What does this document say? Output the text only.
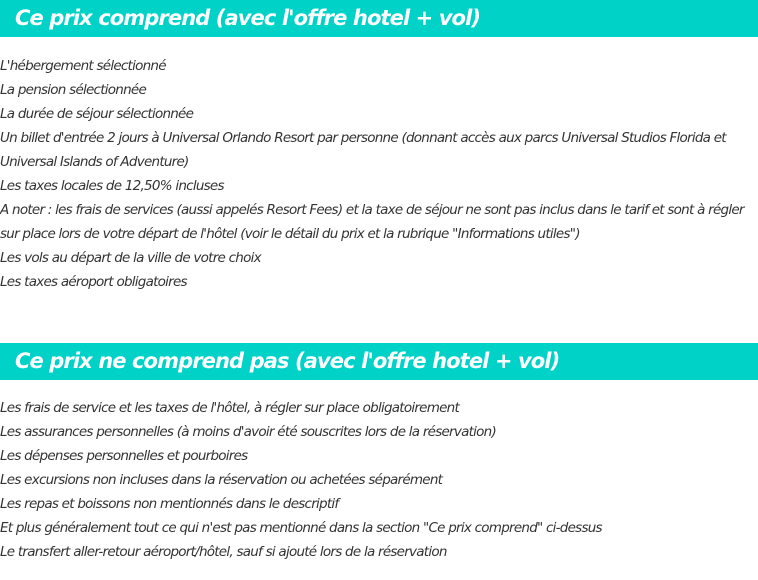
Ce prix comprend (avec l'offre hotel + vol)
L'hébergement sélectionné
La pension sélectionnée
La durée de séjour sélectionnée
Un billet d'entrée 2 jours à Universal Orlando Resort par personne (donnant accès aux parcs Universal Studios Florida et Universal Islands of Adventure)
Les taxes locales de 12,50% incluses
A noter : les frais de services (aussi appelés Resort Fees) et la taxe de séjour ne sont pas inclus dans le tarif et sont à régler sur place lors de votre départ de l'hôtel (voir le détail du prix et la rubrique "Informations utiles")
Les vols au départ de la ville de votre choix
Les taxes aéroport obligatoires
Ce prix ne comprend pas (avec l'offre hotel + vol)
Les frais de service et les taxes de l'hôtel, à régler sur place obligatoirement
Les assurances personnelles (à moins d'avoir été souscrites lors de la réservation)
Les dépenses personnelles et pourboires
Les excursions non incluses dans la réservation ou achetées séparément
Les repas et boissons non mentionnés dans le descriptif
Et plus généralement tout ce qui n'est pas mentionné dans la section "Ce prix comprend" ci-dessus
Le transfert aller-retour aéroport/hôtel, sauf si ajouté lors de la réservation
